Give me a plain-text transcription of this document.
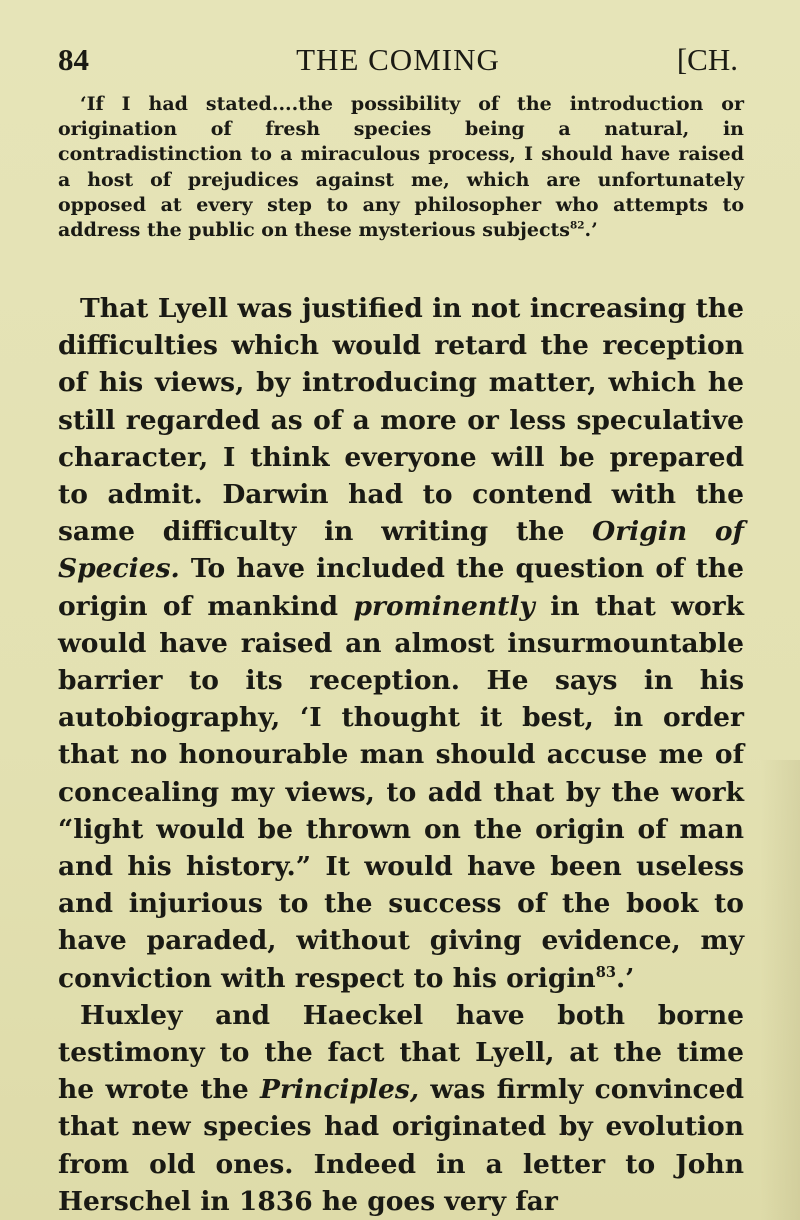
84	THE COMING	[CH.
‘If I had stated....the possibility of the introduction or origination of fresh species being a natural, in contradistinction to a miraculous process, I should have raised a host of prejudices against me, which are unfortunately opposed at every step to any philosopher who attempts to address the public on these mysterious subjects$^{82}$.’

That Lyell was justified in not increasing the difficulties which would retard the reception of his views, by introducing matter, which he still regarded as of a more or less speculative character, I think everyone will be prepared to admit. Darwin had to contend with the same difficulty in writing the Origin of Species. To have included the question of the origin of mankind prominently in that work would have raised an almost insurmountable barrier to its reception. He says in his autobiography, ‘I thought it best, in order that no honourable man should accuse me of concealing my views, to add that by the work “light would be thrown on the origin of man and his history.” It would have been useless and injurious to the success of the book to have paraded, without giving evidence, my conviction with respect to his origin$^{83}$.’

Huxley and Haeckel have both borne testimony to the fact that Lyell, at the time he wrote the Principles, was firmly convinced that new species had originated by evolution from old ones. Indeed in a letter to John Herschel in 1836 he goes very far
